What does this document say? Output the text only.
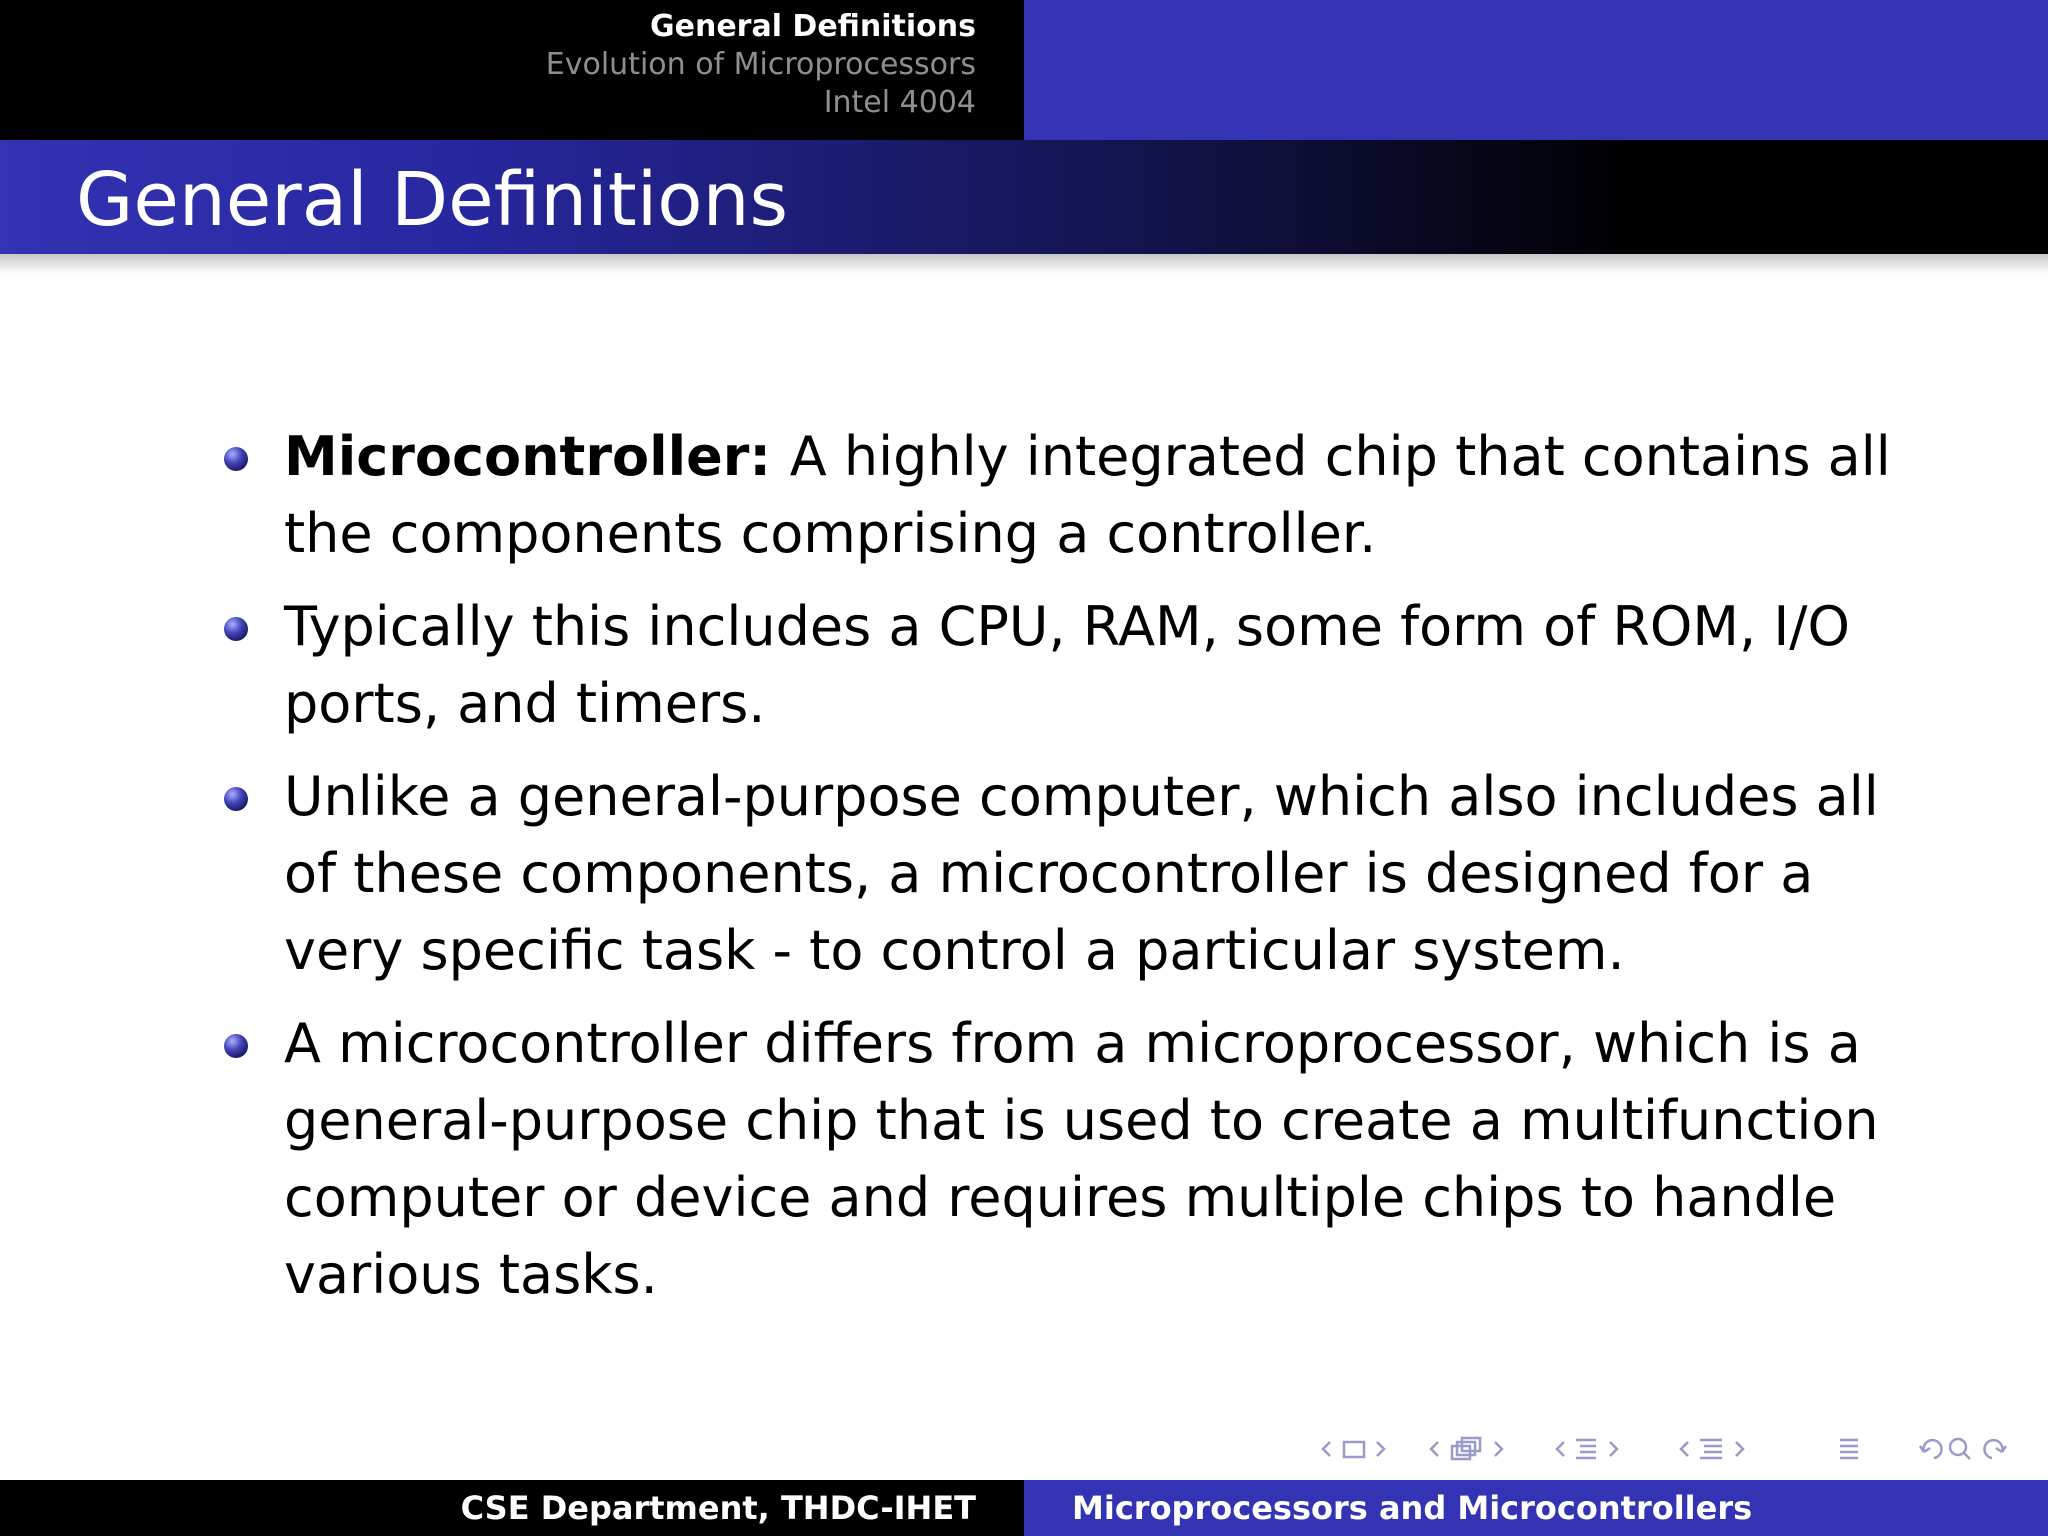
General Definitions
Evolution of Microprocessors
Intel 4004
General Definitions
Microcontroller: A highly integrated chip that contains all the components comprising a controller.
Typically this includes a CPU, RAM, some form of ROM, I/O ports, and timers.
Unlike a general-purpose computer, which also includes all of these components, a microcontroller is designed for a very specific task - to control a particular system.
A microcontroller differs from a microprocessor, which is a general-purpose chip that is used to create a multifunction computer or device and requires multiple chips to handle various tasks.
CSE Department, THDC-IHET	Microprocessors and Microcontrollers
